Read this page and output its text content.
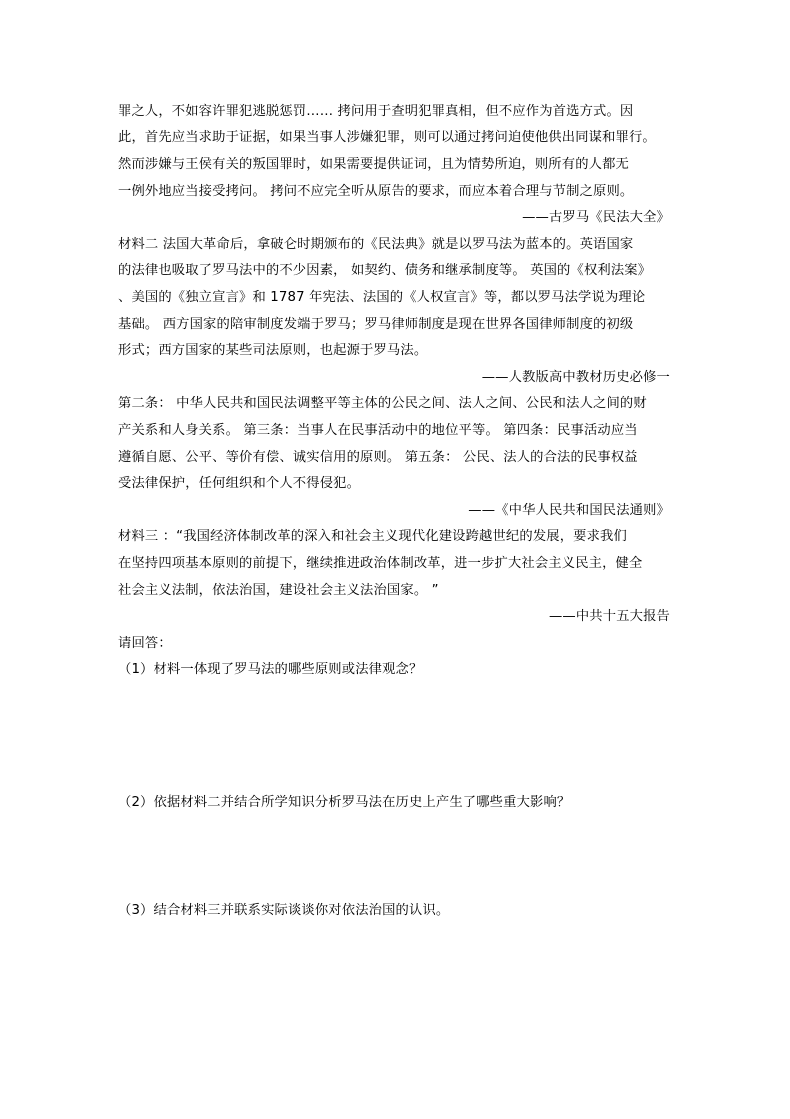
罪之人，不如容许罪犯逃脱惩罚…… 拷问用于查明犯罪真相，但不应作为首选方式。因
此，首先应当求助于证据，如果当事人涉嫌犯罪，则可以通过拷问迫使他供出同谋和罪行。
然而涉嫌与王侯有关的叛国罪时，如果需要提供证词，且为情势所迫，则所有的人都无
一例外地应当接受拷问。 拷问不应完全听从原告的要求，而应本着合理与节制之原则。
——古罗马《民法大全》
材料二 法国大革命后，拿破仑时期颁布的《民法典》就是以罗马法为蓝本的。英语国家
的法律也吸取了罗马法中的不少因素， 如契约、债务和继承制度等。 英国的《权利法案》
、美国的《独立宣言》和 1787 年宪法、法国的《人权宣言》等，都以罗马法学说为理论
基础。 西方国家的陪审制度发端于罗马；罗马律师制度是现在世界各国律师制度的初级
形式；西方国家的某些司法原则，也起源于罗马法。
——人教版高中教材历史必修一
第二条： 中华人民共和国民法调整平等主体的公民之间、法人之间、公民和法人之间的财
产关系和人身关系。 第三条：当事人在民事活动中的地位平等。 第四条：民事活动应当
遵循自愿、公平、等价有偿、诚实信用的原则。 第五条： 公民、法人的合法的民事权益
受法律保护，任何组织和个人不得侵犯。
——《中华人民共和国民法通则》
材料三 ：“我国经济体制改革的深入和社会主义现代化建设跨越世纪的发展，要求我们
在坚持四项基本原则的前提下，继续推进政治体制改革，进一步扩大社会主义民主，健全
社会主义法制，依法治国，建设社会主义法治国家。 ”
——中共十五大报告
请回答：
（1）材料一体现了罗马法的哪些原则或法律观念？
（2）依据材料二并结合所学知识分析罗马法在历史上产生了哪些重大影响？
（3）结合材料三并联系实际谈谈你对依法治国的认识。
